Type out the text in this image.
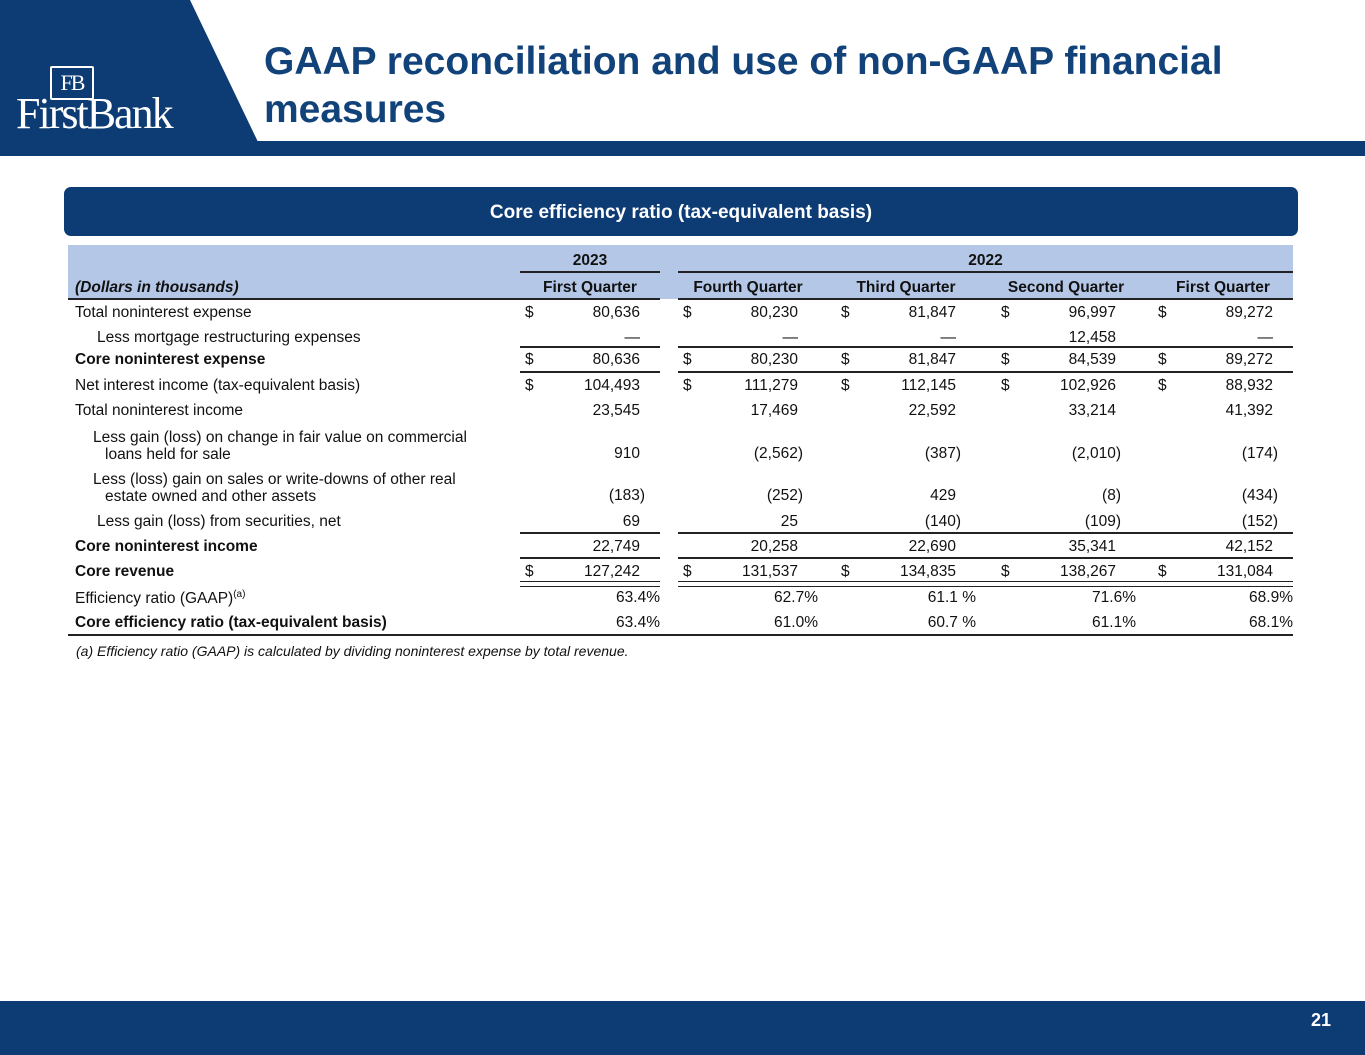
FB
FirstBank
GAAP reconciliation and use of non-GAAP financial measures
Core efficiency ratio (tax-equivalent basis)
2023	2022
(Dollars in thousands)	First Quarter	Fourth Quarter	Third Quarter	Second Quarter	First Quarter
Total noninterest expense	$	80,636	$	80,230	$	81,847	$	96,997	$	89,272
Less mortgage restructuring expenses	—	—	—	12,458	—
Core noninterest expense	$	80,636	$	80,230	$	81,847	$	84,539	$	89,272
Net interest income (tax-equivalent basis)	$	104,493	$	111,279	$	112,145	$	102,926	$	88,932
Total noninterest income	23,545	17,469	22,592	33,214	41,392
Less gain (loss) on change in fair value on commercial
loans held for sale	910	(2,562)	(387)	(2,010)	(174)
Less (loss) gain on sales or write-downs of other real
estate owned and other assets	(183)	(252)	429	(8)	(434)
Less gain (loss) from securities, net	69	25	(140)	(109)	(152)
Core noninterest income	22,749	20,258	22,690	35,341	42,152
Core revenue	$	127,242	$	131,537	$	134,835	$	138,267	$	131,084
Efficiency ratio (GAAP)$^{(a)}$	63.4%	62.7%	61.1 %	71.6%	68.9%
Core efficiency ratio (tax-equivalent basis)	63.4%	61.0%	60.7 %	61.1%	68.1%
(a) Efficiency ratio (GAAP) is calculated by dividing noninterest expense by total revenue.
21
